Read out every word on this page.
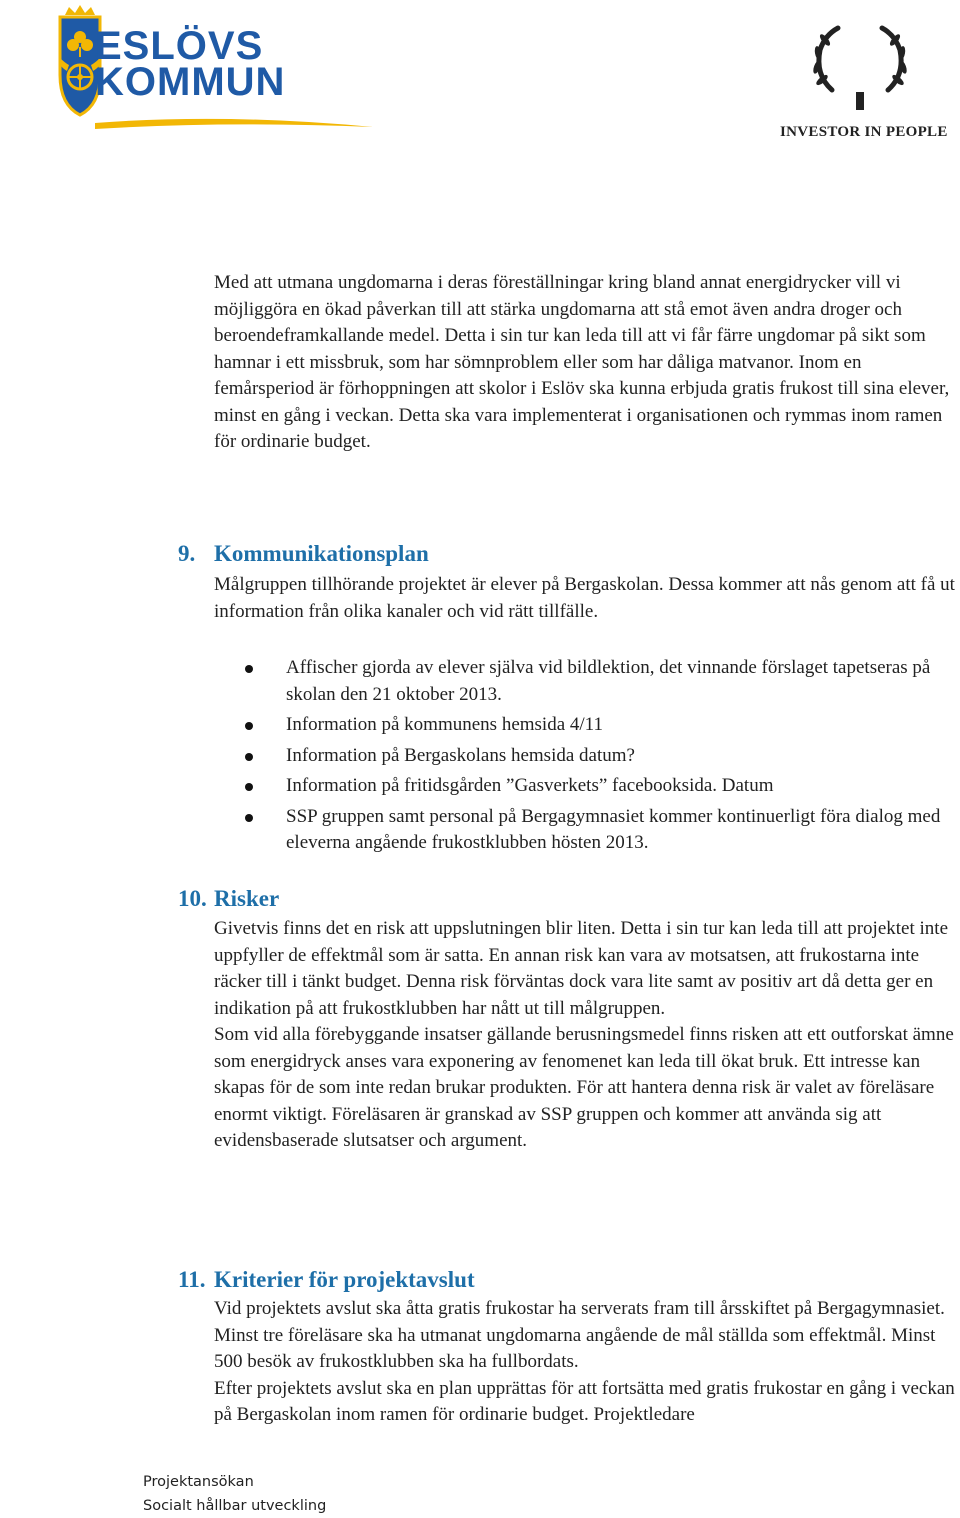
ESLÖVS
KOMMUN
INVESTOR IN PEOPLE

Med att utmana ungdomarna i deras föreställningar kring bland annat energidrycker vill vi möjliggöra en ökad påverkan till att stärka ungdomarna att stå emot även andra droger och beroendeframkallande medel. Detta i sin tur kan leda till att vi får färre ungdomar på sikt som hamnar i ett missbruk, som har sömnproblem eller som har dåliga matvanor. Inom en femårsperiod är förhoppningen att skolor i Eslöv ska kunna erbjuda gratis frukost till sina elever, minst en gång i veckan. Detta ska vara implementerat i organisationen och rymmas inom ramen för ordinarie budget.

9. Kommunikationsplan

Målgruppen tillhörande projektet är elever på Bergaskolan. Dessa kommer att nås genom att få ut information från olika kanaler och vid rätt tillfälle.

Affischer gjorda av elever själva vid bildlektion, det vinnande förslaget tapetseras på skolan den 21 oktober 2013.
Information på kommunens hemsida 4/11
Information på Bergaskolans hemsida datum?
Information på fritidsgården ”Gasverkets” facebooksida. Datum
SSP gruppen samt personal på Bergagymnasiet kommer kontinuerligt föra dialog med eleverna angående frukostklubben hösten 2013.
10. Risker

Givetvis finns det en risk att uppslutningen blir liten. Detta i sin tur kan leda till att projektet inte uppfyller de effektmål som är satta. En annan risk kan vara av motsatsen, att frukostarna inte räcker till i tänkt budget. Denna risk förväntas dock vara lite samt av positiv art då detta ger en indikation på att frukostklubben har nått ut till målgruppen.

Som vid alla förebyggande insatser gällande berusningsmedel finns risken att ett outforskat ämne som energidryck anses vara exponering av fenomenet kan leda till ökat bruk. Ett intresse kan skapas för de som inte redan brukar produkten. För att hantera denna risk är valet av föreläsare enormt viktigt. Föreläsaren är granskad av SSP gruppen och kommer att använda sig att evidensbaserade slutsatser och argument.

11. Kriterier för projektavslut

Vid projektets avslut ska åtta gratis frukostar ha serverats fram till årsskiftet på Bergagymnasiet. Minst tre föreläsare ska ha utmanat ungdomarna angående de mål ställda som effektmål. Minst 500 besök av frukostklubben ska ha fullbordats.

Efter projektets avslut ska en plan upprättas för att fortsätta med gratis frukostar en gång i veckan på Bergaskolan inom ramen för ordinarie budget. Projektledare

Projektansökan
Socialt hållbar utveckling
